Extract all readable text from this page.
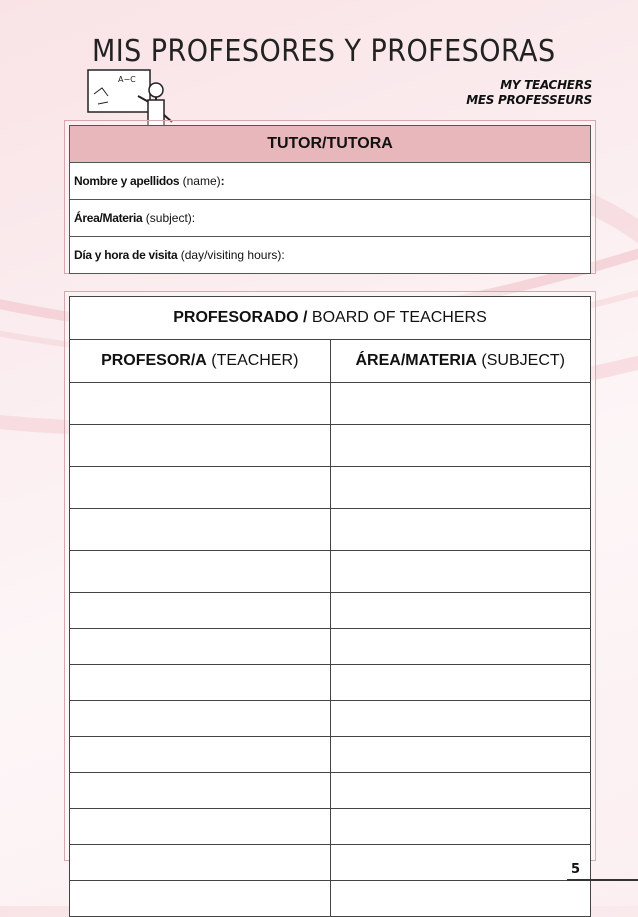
MIS PROFESORES Y PROFESORAS
MY TEACHERS
MES PROFESSEURS
A−C
TUTOR/TUTORA
Nombre y apellidos (name):
Área/Materia (subject):
Día y hora de visita (day/visiting hours):
PROFESORADO / BOARD OF TEACHERS	
PROFESOR/A (TEACHER)	ÁREA/MATERIA (SUBJECT)

5
